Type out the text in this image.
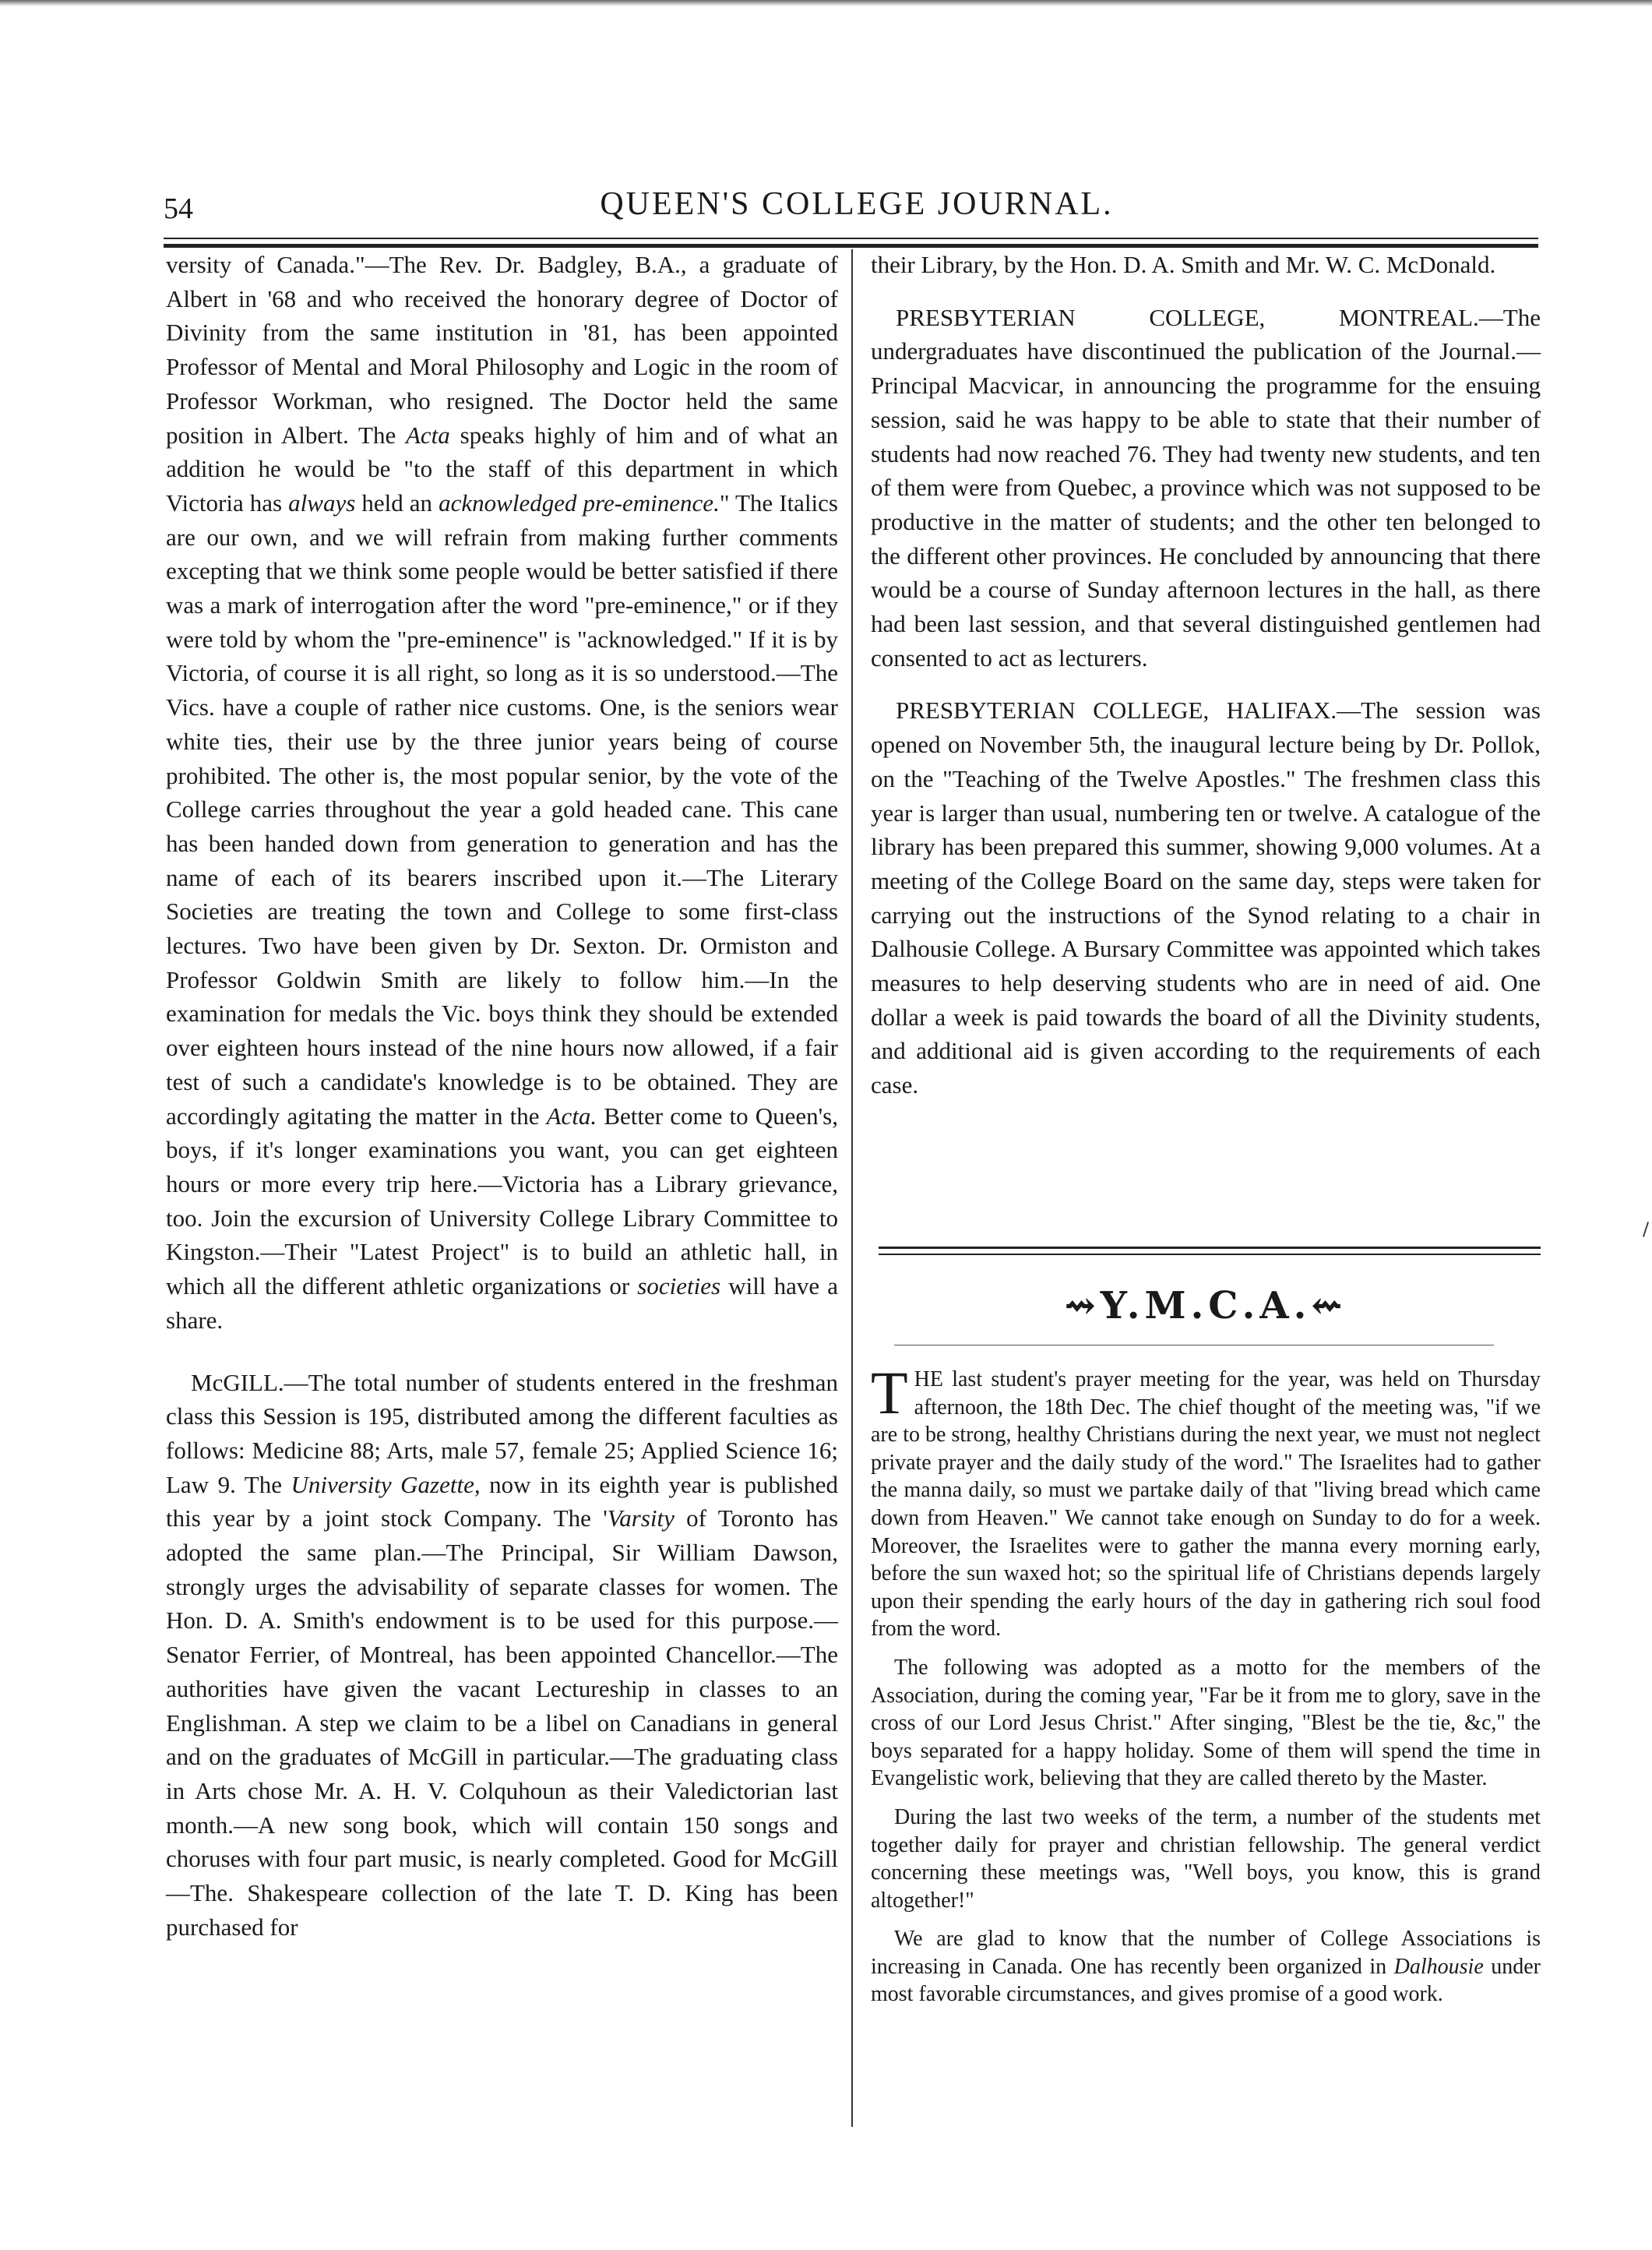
54	QUEEN'S COLLEGE JOURNAL.

versity of Canada."—The Rev. Dr. Badgley, B.A., a graduate of Albert in '68 and who received the honorary degree of Doctor of Divinity from the same institution in '81, has been appointed Professor of Mental and Moral Philosophy and Logic in the room of Professor Workman, who resigned. The Doctor held the same position in Albert. The Acta speaks highly of him and of what an addition he would be "to the staff of this department in which Victoria has always held an acknowledged pre-eminence." The Italics are our own, and we will refrain from making further comments excepting that we think some people would be better satisfied if there was a mark of interrogation after the word "pre-eminence," or if they were told by whom the "pre-eminence" is "acknowledged." If it is by Victoria, of course it is all right, so long as it is so understood.—The Vics. have a couple of rather nice customs. One, is the seniors wear white ties, their use by the three junior years being of course prohibited. The other is, the most popular senior, by the vote of the College carries throughout the year a gold headed cane. This cane has been handed down from generation to generation and has the name of each of its bearers inscribed upon it.—The Literary Societies are treating the town and College to some first-class lectures. Two have been given by Dr. Sexton. Dr. Ormiston and Professor Goldwin Smith are likely to follow him.—In the examination for medals the Vic. boys think they should be extended over eighteen hours instead of the nine hours now allowed, if a fair test of such a candidate's knowledge is to be obtained. They are accordingly agitating the matter in the Acta. Better come to Queen's, boys, if it's longer examinations you want, you can get eighteen hours or more every trip here.—Victoria has a Library grievance, too. Join the excursion of University College Library Committee to Kingston.—Their "Latest Project" is to build an athletic hall, in which all the different athletic organizations or societies will have a share.

McGILL.—The total number of students entered in the freshman class this Session is 195, distributed among the different faculties as follows: Medicine 88; Arts, male 57, female 25; Applied Science 16; Law 9. The University Gazette, now in its eighth year is published this year by a joint stock Company. The 'Varsity of Toronto has adopted the same plan.—The Principal, Sir William Dawson, strongly urges the advisability of separate classes for women. The Hon. D. A. Smith's endowment is to be used for this purpose.—Senator Ferrier, of Montreal, has been appointed Chancellor.—The authorities have given the vacant Lectureship in classes to an Englishman. A step we claim to be a libel on Canadians in general and on the graduates of McGill in particular.—The graduating class in Arts chose Mr. A. H. V. Colquhoun as their Valedictorian last month.—A new song book, which will contain 150 songs and choruses with four part music, is nearly completed. Good for McGill—The. Shakespeare collection of the late T. D. King has been purchased for

their Library, by the Hon. D. A. Smith and Mr. W. C. McDonald.

PRESBYTERIAN COLLEGE, MONTREAL.—The undergraduates have discontinued the publication of the Journal.—Principal Macvicar, in announcing the programme for the ensuing session, said he was happy to be able to state that their number of students had now reached 76. They had twenty new students, and ten of them were from Quebec, a province which was not supposed to be productive in the matter of students; and the other ten belonged to the different other provinces. He concluded by announcing that there would be a course of Sunday afternoon lectures in the hall, as there had been last session, and that several distinguished gentlemen had consented to act as lecturers.

PRESBYTERIAN COLLEGE, HALIFAX.—The session was opened on November 5th, the inaugural lecture being by Dr. Pollok, on the "Teaching of the Twelve Apostles." The freshmen class this year is larger than usual, numbering ten or twelve. A catalogue of the library has been prepared this summer, showing 9,000 volumes. At a meeting of the College Board on the same day, steps were taken for carrying out the instructions of the Synod relating to a chair in Dalhousie College. A Bursary Committee was appointed which takes measures to help deserving students who are in need of aid. One dollar a week is paid towards the board of all the Divinity students, and additional aid is given according to the requirements of each case.

⇝Y.M.C.A.⇜

THE last student's prayer meeting for the year, was held on Thursday afternoon, the 18th Dec. The chief thought of the meeting was, "if we are to be strong, healthy Christians during the next year, we must not neglect private prayer and the daily study of the word." The Israelites had to gather the manna daily, so must we partake daily of that "living bread which came down from Heaven." We cannot take enough on Sunday to do for a week. Moreover, the Israelites were to gather the manna every morning early, before the sun waxed hot; so the spiritual life of Christians depends largely upon their spending the early hours of the day in gathering rich soul food from the word.

The following was adopted as a motto for the members of the Association, during the coming year, "Far be it from me to glory, save in the cross of our Lord Jesus Christ." After singing, "Blest be the tie, &c," the boys separated for a happy holiday. Some of them will spend the time in Evangelistic work, believing that they are called thereto by the Master.

During the last two weeks of the term, a number of the students met together daily for prayer and christian fellowship. The general verdict concerning these meetings was, "Well boys, you know, this is grand altogether!"

We are glad to know that the number of College Associations is increasing in Canada. One has recently been organized in Dalhousie under most favorable circumstances, and gives promise of a good work.
